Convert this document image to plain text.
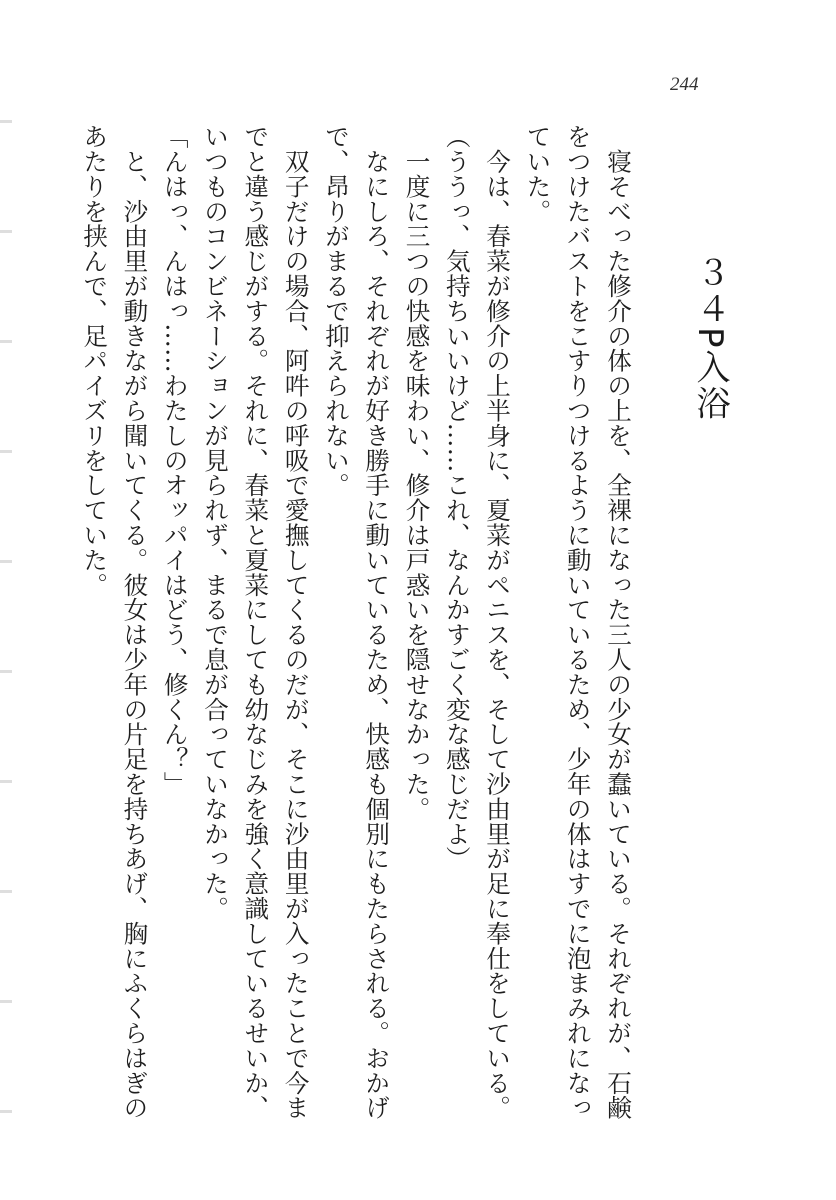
244
３４P入浴

　寝そべった修介の体の上を、全裸になった三人の少女が蠢いている。それぞれが、石鹸をつけたバストをこすりつけるように動いているため、少年の体はすでに泡まみれになっていた。

　今は、春菜が修介の上半身に、夏菜がペニスを、そして沙由里が足に奉仕をしている。

（ううっ、気持ちいいけど……これ、なんかすごく変な感じだよ）

　一度に三つの快感を味わい、修介は戸惑いを隠せなかった。

　なにしろ、それぞれが好き勝手に動いているため、快感も個別にもたらされる。おかげで、昂りがまるで抑えられない。

　双子だけの場合、阿吽の呼吸で愛撫してくるのだが、そこに沙由里が入ったことで今までと違う感じがする。それに、春菜と夏菜にしても幼なじみを強く意識しているせいか、いつものコンビネーションが見られず、まるで息が合っていなかった。

「んはっ、んはっ……わたしのオッパイはどう、修くん？」

　と、沙由里が動きながら聞いてくる。彼女は少年の片足を持ちあげ、胸にふくらはぎのあたりを挟んで、足パイズリをしていた。
